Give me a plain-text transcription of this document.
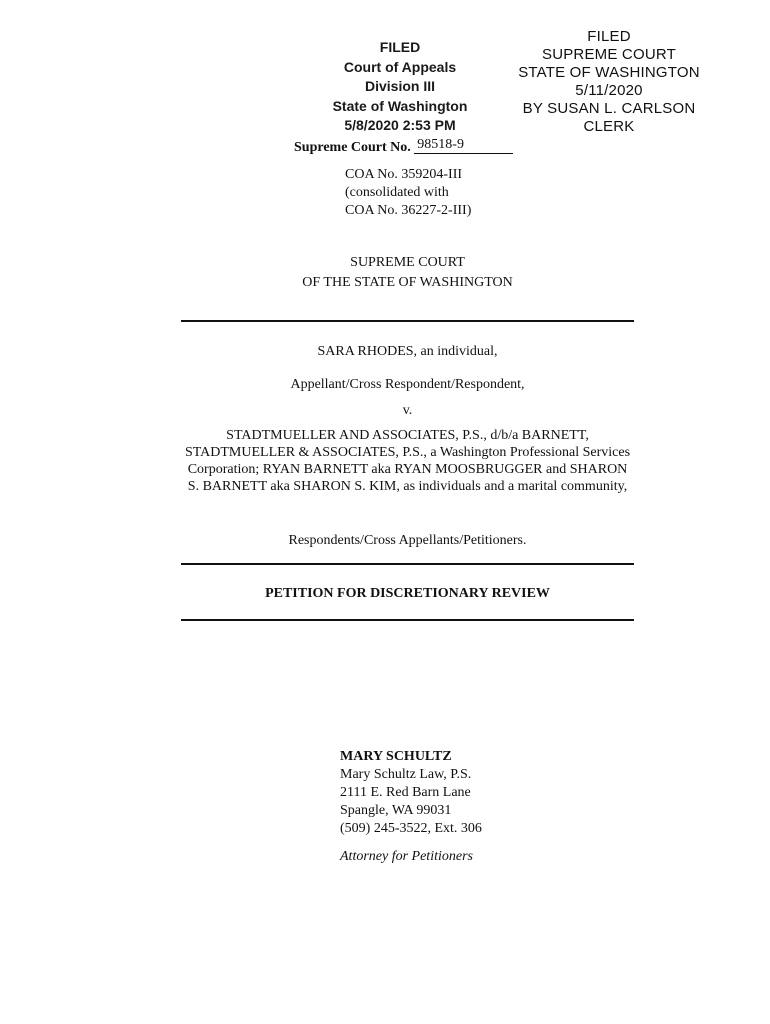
FILED
Court of Appeals
Division III
State of Washington
5/8/2020 2:53 PM
FILED
SUPREME COURT
STATE OF WASHINGTON
5/11/2020
BY SUSAN L. CARLSON
CLERK
Supreme Court No. 98518-9
COA No. 359204-III
(consolidated with
COA No. 36227-2-III)
SUPREME COURT
OF THE STATE OF WASHINGTON
SARA RHODES, an individual,
Appellant/Cross Respondent/Respondent,
v.
STADTMUELLER AND ASSOCIATES, P.S., d/b/a BARNETT, STADTMUELLER & ASSOCIATES, P.S., a Washington Professional Services Corporation; RYAN BARNETT aka RYAN MOOSBRUGGER and SHARON S. BARNETT aka SHARON S. KIM, as individuals and a marital community,
Respondents/Cross Appellants/Petitioners.
PETITION FOR DISCRETIONARY REVIEW
MARY SCHULTZ
Mary Schultz Law, P.S.
2111 E. Red Barn Lane
Spangle, WA 99031
(509) 245-3522, Ext. 306
Attorney for Petitioners
